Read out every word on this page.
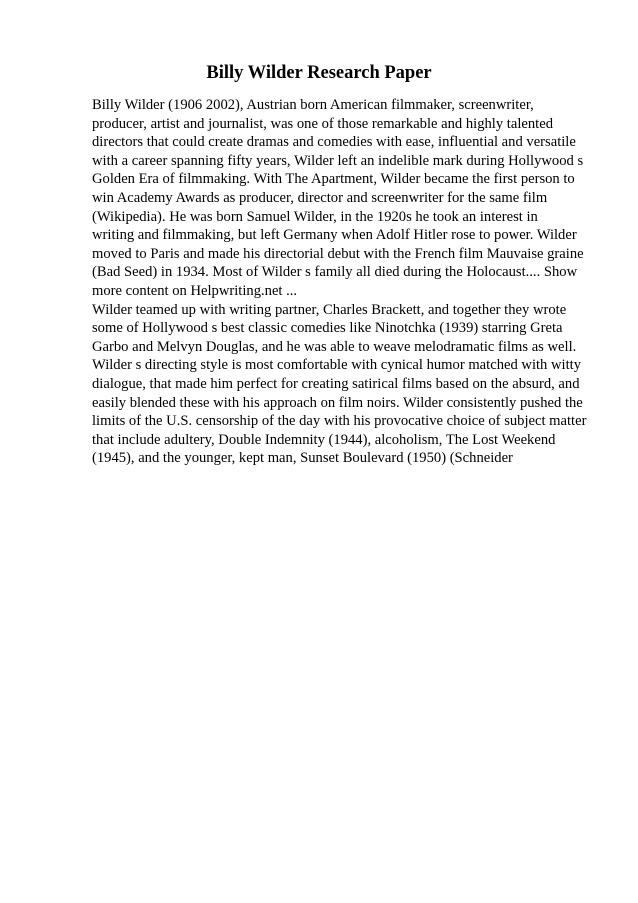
Billy Wilder Research Paper
Billy Wilder (1906 2002), Austrian born American filmmaker, screenwriter,
producer, artist and journalist, was one of those remarkable and highly talented
directors that could create dramas and comedies with ease, influential and versatile
with a career spanning fifty years, Wilder left an indelible mark during Hollywood s
Golden Era of filmmaking. With The Apartment, Wilder became the first person to
win Academy Awards as producer, director and screenwriter for the same film
(Wikipedia). He was born Samuel Wilder, in the 1920s he took an interest in
writing and filmmaking, but left Germany when Adolf Hitler rose to power. Wilder
moved to Paris and made his directorial debut with the French film Mauvaise graine
(Bad Seed) in 1934. Most of Wilder s family all died during the Holocaust.... Show
more content on Helpwriting.net ...
Wilder teamed up with writing partner, Charles Brackett, and together they wrote
some of Hollywood s best classic comedies like Ninotchka (1939) starring Greta
Garbo and Melvyn Douglas, and he was able to weave melodramatic films as well.
Wilder s directing style is most comfortable with cynical humor matched with witty
dialogue, that made him perfect for creating satirical films based on the absurd, and
easily blended these with his approach on film noirs. Wilder consistently pushed the
limits of the U.S. censorship of the day with his provocative choice of subject matter
that include adultery, Double Indemnity (1944), alcoholism, The Lost Weekend
(1945), and the younger, kept man, Sunset Boulevard (1950) (Schneider
